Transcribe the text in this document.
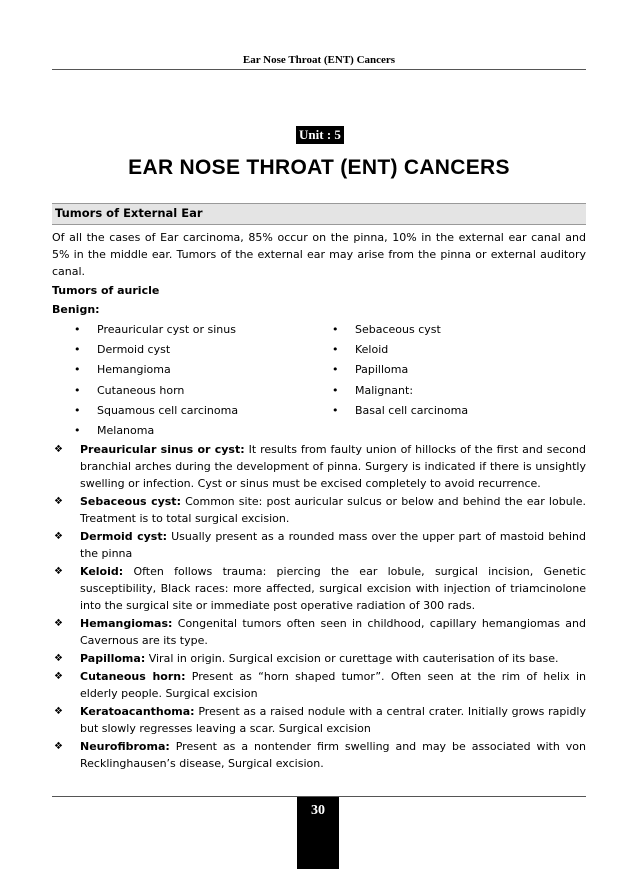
Ear Nose Throat (ENT) Cancers
Unit : 5
EAR NOSE THROAT (ENT) CANCERS
Tumors of External Ear

Of all the cases of Ear carcinoma, 85% occur on the pinna, 10% in the external ear canal and 5% in the middle ear. Tumors of the external ear may arise from the pinna or external auditory canal.

Tumors of auricle

Benign:

• Preauricular cyst or sinus
• Dermoid cyst
• Hemangioma
• Cutaneous horn
• Squamous cell carcinoma
• Melanoma
• Sebaceous cyst
• Keloid
• Papilloma
• Malignant:
• Basal cell carcinoma
❖ Preauricular sinus or cyst: It results from faulty union of hillocks of the first and second branchial arches during the development of pinna. Surgery is indicated if there is unsightly swelling or infection. Cyst or sinus must be excised completely to avoid recurrence.
❖ Sebaceous cyst: Common site: post auricular sulcus or below and behind the ear lobule. Treatment is to total surgical excision.
❖ Dermoid cyst: Usually present as a rounded mass over the upper part of mastoid behind the pinna
❖ Keloid: Often follows trauma: piercing the ear lobule, surgical incision, Genetic susceptibility, Black races: more affected, surgical excision with injection of triamcinolone into the surgical site or immediate post operative radiation of 300 rads.
❖ Hemangiomas: Congenital tumors often seen in childhood, capillary hemangiomas and Cavernous are its type.
❖ Papilloma: Viral in origin. Surgical excision or curettage with cauterisation of its base.
❖ Cutaneous horn: Present as “horn shaped tumor”. Often seen at the rim of helix in elderly people. Surgical excision
❖ Keratoacanthoma: Present as a raised nodule with a central crater. Initially grows rapidly but slowly regresses leaving a scar. Surgical excision
❖ Neurofibroma: Present as a nontender firm swelling and may be associated with von Recklinghausen’s disease, Surgical excision.
30
